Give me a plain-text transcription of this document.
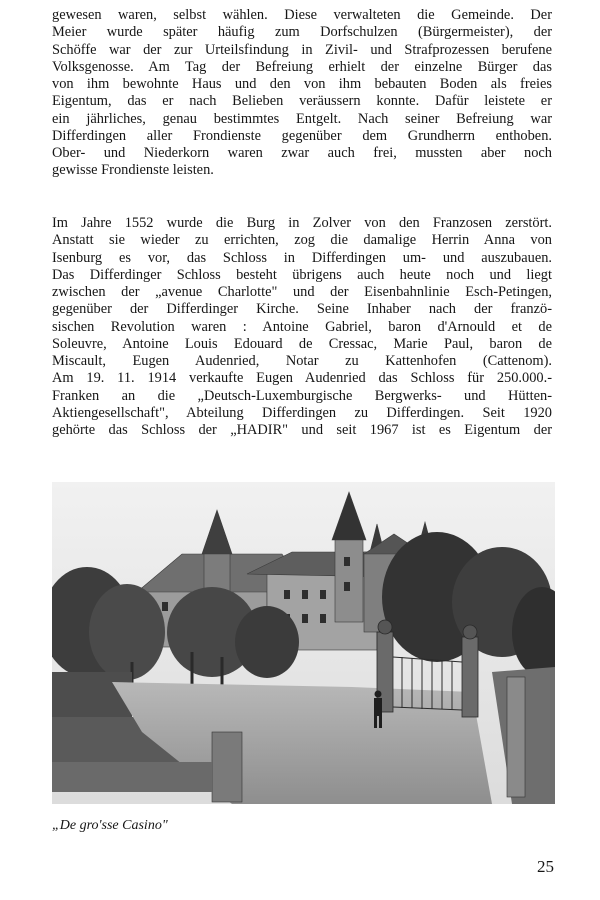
gewesen waren, selbst wählen. Diese verwalteten die Gemeinde. Der
Meier wurde später häufig zum Dorfschulzen (Bürgermeister), der
Schöffe war der zur Urteilsfindung in Zivil- und Strafprozessen berufene
Volksgenosse. Am Tag der Befreiung erhielt der einzelne Bürger das
von ihm bewohnte Haus und den von ihm bebauten Boden als freies
Eigentum, das er nach Belieben veräussern konnte. Dafür leistete er
ein jährliches, genau bestimmtes Entgelt. Nach seiner Befreiung war
Differdingen aller Frondienste gegenüber dem Grundherrn enthoben.
Ober- und Niederkorn waren zwar auch frei, mussten aber noch
gewisse Frondienste leisten.
Im Jahre 1552 wurde die Burg in Zolver von den Franzosen zerstört.
Anstatt sie wieder zu errichten, zog die damalige Herrin Anna von
Isenburg es vor, das Schloss in Differdingen um- und auszubauen.
Das Differdinger Schloss besteht übrigens auch heute noch und liegt
zwischen der „avenue Charlotte" und der Eisenbahnlinie Esch-Petingen,
gegenüber der Differdinger Kirche. Seine Inhaber nach der franzö-
sischen Revolution waren : Antoine Gabriel, baron d'Arnould et de
Soleuvre, Antoine Louis Edouard de Cressac, Marie Paul, baron de
Miscault, Eugen Audenried, Notar zu Kattenhofen (Cattenom).
Am 19. 11. 1914 verkaufte Eugen Audenried das Schloss für 250.000.-
Franken an die „Deutsch-Luxemburgische Bergwerks- und Hütten-
Aktiengesellschaft", Abteilung Differdingen zu Differdingen. Seit 1920
gehörte das Schloss der „HADIR" und seit 1967 ist es Eigentum der
„De gro'sse Casino"
25
